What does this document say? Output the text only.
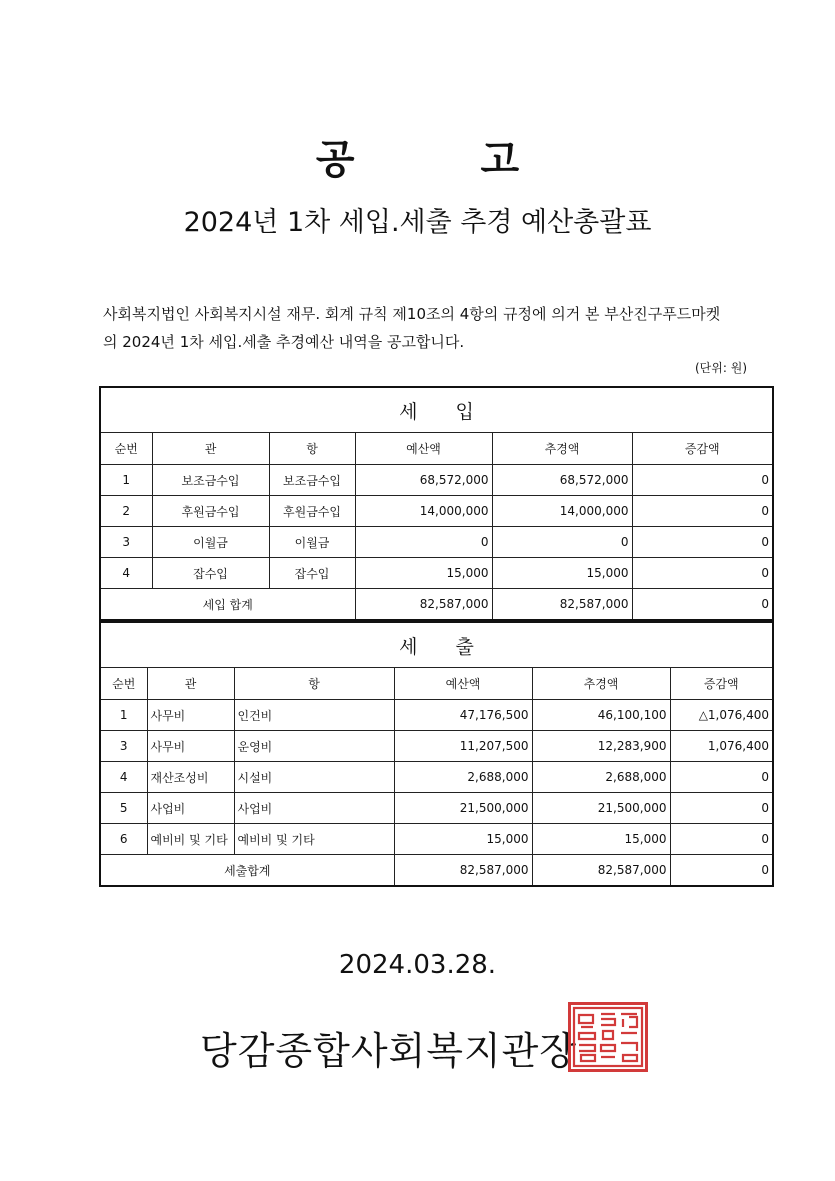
공 고
2024년 1차 세입.세출 추경 예산총괄표
사회복지법인 사회복지시설 재무. 회계 규칙 제10조의 4항의 규정에 의거 본 부산진구푸드마켓
의 2024년 1차 세입.세출 추경예산 내역을 공고합니다.
(단위: 원)
세 입					
순번	관	항	예산액	추경액	증감액
1	보조금수입	보조금수입	68,572,000	68,572,000	0
2	후원금수입	후원금수입	14,000,000	14,000,000	0
3	이월금	이월금	0	0	0
4	잡수입	잡수입	15,000	15,000	0
세입 합계			82,587,000	82,587,000	0
세 출					
순번	관	항	예산액	추경액	증감액
1	사무비	인건비	47,176,500	46,100,100	△1,076,400
3	사무비	운영비	11,207,500	12,283,900	1,076,400
4	재산조성비	시설비	2,688,000	2,688,000	0
5	사업비	사업비	21,500,000	21,500,000	0
6	예비비 및 기타	예비비 및 기타	15,000	15,000	0
세출합계			82,587,000	82,587,000	0
2024.03.28.
당감종합사회복지관장
